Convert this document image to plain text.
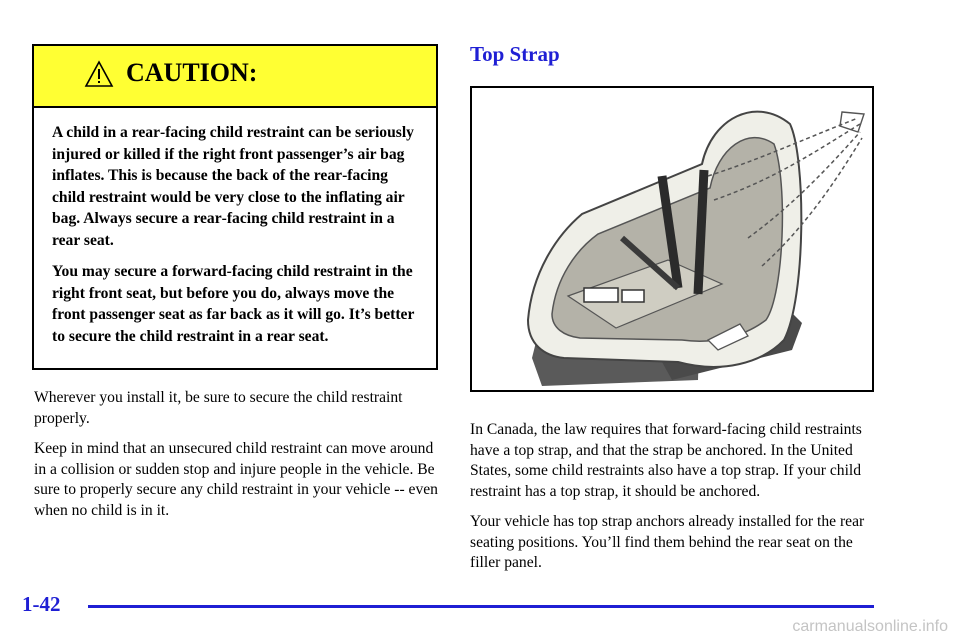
CAUTION:

A child in a rear‑facing child restraint can be seriously injured or killed if the right front passenger’s air bag inflates. This is because the back of the rear‑facing child restraint would be very close to the inflating air bag. Always secure a rear‑facing child restraint in a rear seat.

You may secure a forward‑facing child restraint in the right front seat, but before you do, always move the front passenger seat as far back as it will go. It’s better to secure the child restraint in a rear seat.

Wherever you install it, be sure to secure the child restraint properly.

Keep in mind that an unsecured child restraint can move around in a collision or sudden stop and injure people in the vehicle. Be sure to properly secure any child restraint in your vehicle ‑‑ even when no child is in it.

Top Strap

In Canada, the law requires that forward‑facing child restraints have a top strap, and that the strap be anchored. In the United States, some child restraints also have a top strap. If your child restraint has a top strap, it should be anchored.

Your vehicle has top strap anchors already installed for the rear seating positions. You’ll find them behind the rear seat on the filler panel.

1-42
carmanualsonline.info
